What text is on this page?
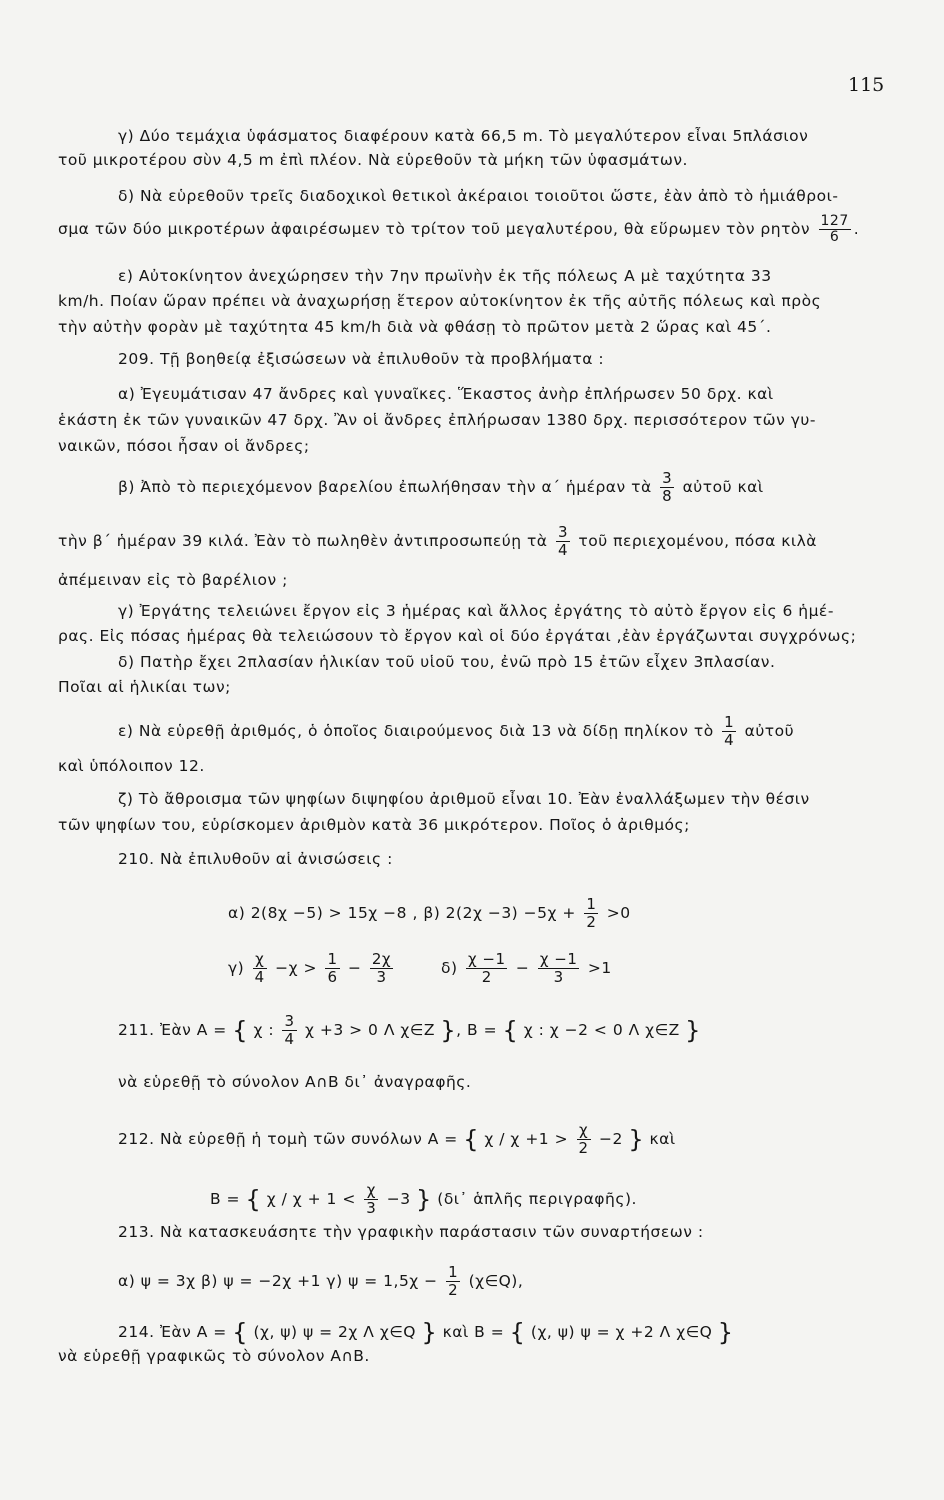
115
γ) Δύο τεμάχια ὑφάσματος διαφέρουν κατὰ 66,5 m. Τὸ μεγαλύτερον εἶναι 5πλάσιον
τοῦ μικροτέρου σὺν 4,5 m ἐπὶ πλέον. Νὰ εὑρεθοῦν τὰ μήκη τῶν ὑφασμάτων.
δ) Νὰ εὑρεθοῦν τρεῖς διαδοχικοὶ θετικοὶ ἀκέραιοι τοιοῦτοι ὥστε, ἐὰν ἀπὸ τὸ ἡμιάθροι-
σμα τῶν δύο μικροτέρων ἀφαιρέσωμεν τὸ τρίτον τοῦ μεγαλυτέρου, θὰ εὕρωμεν τὸν ρητὸν $\frac{127}{6}$ .
ε) Αὐτοκίνητον ἀνεχώρησεν τὴν 7ην πρωϊνὴν ἐκ τῆς πόλεως Α μὲ ταχύτητα 33
km/h. Ποίαν ὥραν πρέπει νὰ ἀναχωρήσῃ ἕτερον αὐτοκίνητον ἐκ τῆς αὐτῆς πόλεως καὶ πρὸς
τὴν αὐτὴν φορὰν μὲ ταχύτητα 45 km/h διὰ νὰ φθάσῃ τὸ πρῶτον μετὰ 2 ὥρας καὶ 45΄.
209. Τῇ βοηθείᾳ ἐξισώσεων νὰ ἐπιλυθοῦν τὰ προβλήματα :
α) Ἐγευμάτισαν 47 ἄνδρες καὶ γυναῖκες. Ἕκαστος ἀνὴρ ἐπλήρωσεν 50 δρχ. καὶ
ἑκάστη ἐκ τῶν γυναικῶν 47 δρχ. Ἂν οἱ ἄνδρες ἐπλήρωσαν 1380 δρχ. περισσότερον τῶν γυ-
ναικῶν, πόσοι ἦσαν οἱ ἄνδρες;
β) Ἀπὸ τὸ περιεχόμενον βαρελίου ἐπωλήθησαν τὴν α΄ ἡμέραν τὰ $\frac{3}{8}$ αὐτοῦ καὶ
τὴν β΄ ἡμέραν 39 κιλά. Ἐὰν τὸ πωληθὲν ἀντιπροσωπεύῃ τὰ $\frac{3}{4}$ τοῦ περιεχομένου, πόσα κιλὰ
ἀπέμειναν εἰς τὸ βαρέλιον ;
γ) Ἐργάτης τελειώνει ἔργον εἰς 3 ἡμέρας καὶ ἄλλος ἐργάτης τὸ αὐτὸ ἔργον εἰς 6 ἡμέ-
ρας. Εἰς πόσας ἡμέρας θὰ τελειώσουν τὸ ἔργον καὶ οἱ δύο ἐργάται ,ἐὰν ἐργάζωνται συγχρόνως;
δ) Πατὴρ ἔχει 2πλασίαν ἡλικίαν τοῦ υἱοῦ του, ἐνῶ πρὸ 15 ἐτῶν εἶχεν 3πλασίαν.
Ποῖαι αἱ ἡλικίαι των;
ε) Νὰ εὑρεθῇ ἀριθμός, ὁ ὁποῖος διαιρούμενος διὰ 13 νὰ δίδῃ πηλίκον τὸ $\frac{1}{4}$ αὐτοῦ
καὶ ὑπόλοιπον 12.
ζ) Τὸ ἄθροισμα τῶν ψηφίων διψηφίου ἀριθμοῦ εἶναι 10. Ἐὰν ἐναλλάξωμεν τὴν θέσιν
τῶν ψηφίων του, εὑρίσκομεν ἀριθμὸν κατὰ 36 μικρότερον. Ποῖος ὁ ἀριθμός;
210. Νὰ ἐπιλυθοῦν αἱ ἀνισώσεις :
α) 2(8χ −5) > 15χ −8 , β) $2(2\chi -3) -5\chi + \frac{1}{2} >0$
$\gamma) \frac{\chi}{4} -\chi > \frac{1}{6} - \frac{2\chi}{3}$	$\delta) \frac{\chi -1}{2} - \frac{\chi -1}{3} >1$
211. Ἐὰν Α = { χ : $\frac{3}{4}$ χ +3 > 0 Λ χ∈Ζ }, Β = { χ : χ −2 < 0 Λ χ∈Ζ }
νὰ εὑρεθῇ τὸ σύνολον Α∩Β δι᾿ ἀναγραφῆς.
212. Νὰ εὑρεθῇ ἡ τομὴ τῶν συνόλων Α = { $\chi / \chi +1 > \frac{\chi}{2} -2$ } καὶ
Β = { $\chi / \chi + 1 < \frac{\chi}{3} -3$ } (δι᾿ ἁπλῆς περιγραφῆς).
213. Νὰ κατασκευάσητε τὴν γραφικὴν παράστασιν τῶν συναρτήσεων :
α) ψ = 3χ β) ψ = −2χ +1 γ) $\psi = 1,5\chi - \frac{1}{2}$ (χ∈Q),
214. Ἐὰν Α = { (χ, ψ) ψ = 2χ Λ χ∈Q } καὶ Β = { (χ, ψ) ψ = χ +2 Λ χ∈Q }
νὰ εὑρεθῇ γραφικῶς τὸ σύνολον Α∩Β.
